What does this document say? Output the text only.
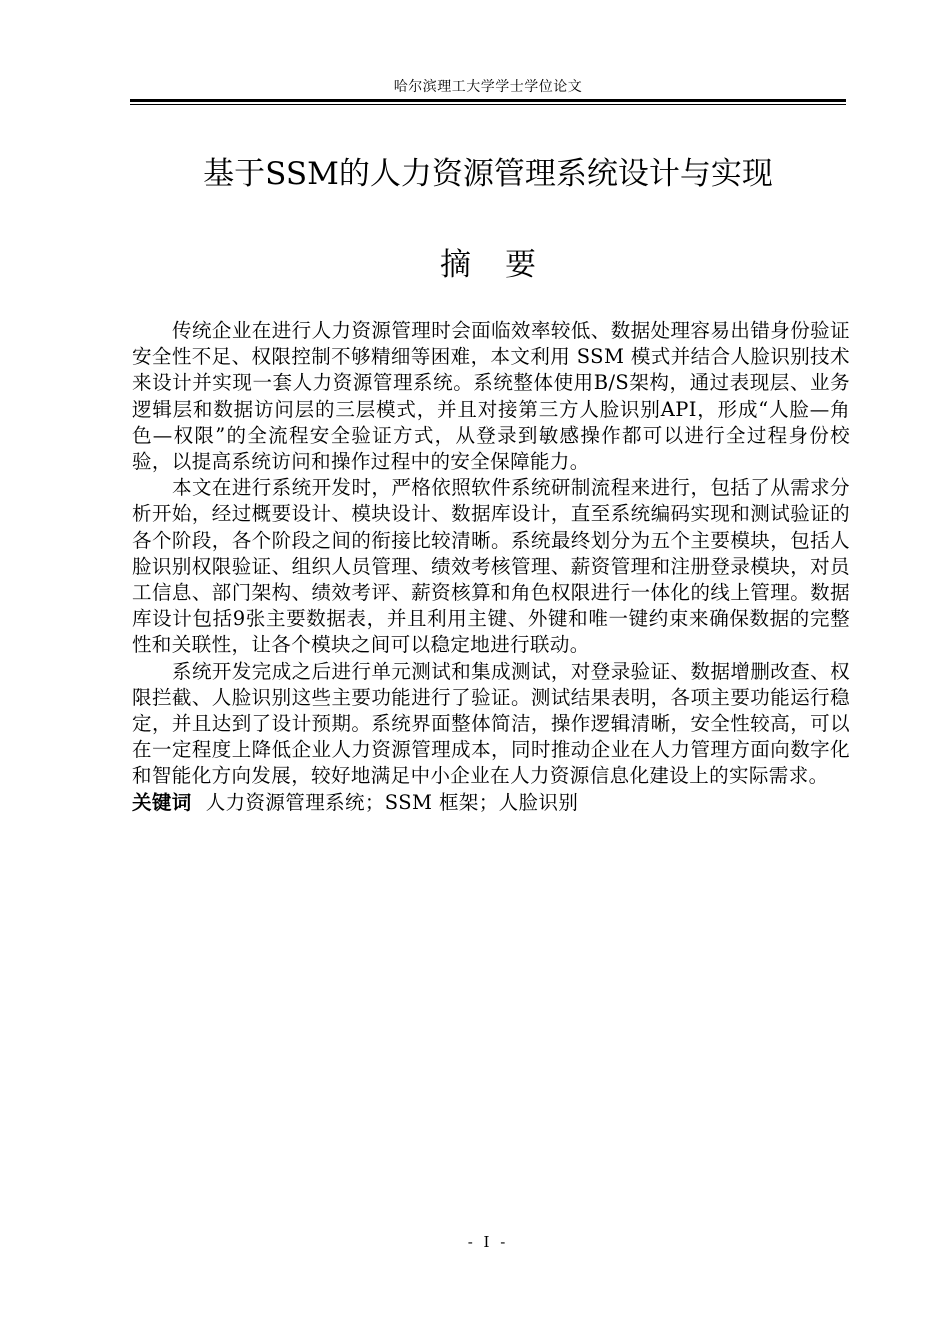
哈尔滨理工大学学士学位论文
基于SSM的人力资源管理系统设计与实现
摘要

传统企业在进行人力资源管理时会面临效率较低、数据处理容易出错身份验证安全性不足、权限控制不够精细等困难，本文利用 SSM 模式并结合人脸识别技术来设计并实现一套人力资源管理系统。系统整体使用B/S架构，通过表现层、业务逻辑层和数据访问层的三层模式，并且对接第三方人脸识别API，形成“人脸—角色—权限”的全流程安全验证方式，从登录到敏感操作都可以进行全过程身份校验，以提高系统访问和操作过程中的安全保障能力。

本文在进行系统开发时，严格依照软件系统研制流程来进行，包括了从需求分析开始，经过概要设计、模块设计、数据库设计，直至系统编码实现和测试验证的各个阶段，各个阶段之间的衔接比较清晰。系统最终划分为五个主要模块，包括人脸识别权限验证、组织人员管理、绩效考核管理、薪资管理和注册登录模块，对员工信息、部门架构、绩效考评、薪资核算和角色权限进行一体化的线上管理。数据库设计包括9张主要数据表，并且利用主键、外键和唯一键约束来确保数据的完整性和关联性，让各个模块之间可以稳定地进行联动。

系统开发完成之后进行单元测试和集成测试，对登录验证、数据增删改查、权限拦截、人脸识别这些主要功能进行了验证。测试结果表明，各项主要功能运行稳定，并且达到了设计预期。系统界面整体简洁，操作逻辑清晰，安全性较高，可以在一定程度上降低企业人力资源管理成本，同时推动企业在人力管理方面向数字化和智能化方向发展，较好地满足中小企业在人力资源信息化建设上的实际需求。

关键词 人力资源管理系统；SSM 框架；人脸识别
- I -
